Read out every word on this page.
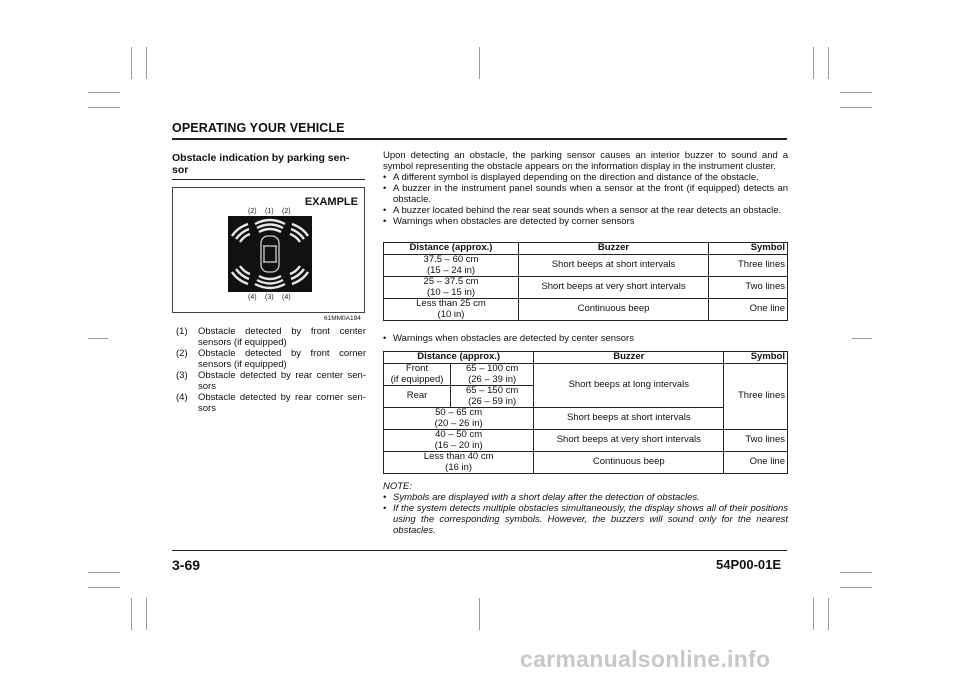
OPERATING YOUR VEHICLE
Obstacle indication by parking sen-
sor
EXAMPLE
(2) (1) (2)
(4) (3) (4)
61MM0A194
(1)	Obstacle detected by front center sensors (if equipped)
(2)	Obstacle detected by front corner sensors (if equipped)
(3)	Obstacle detected by rear center sen-sors
(4)	Obstacle detected by rear corner sen-sors

Upon detecting an obstacle, the parking sensor causes an interior buzzer to sound and a symbol representing the obstacle appears on the information display in the instrument cluster.

• A different symbol is displayed depending on the direction and distance of the obstacle.
• A buzzer in the instrument panel sounds when a sensor at the front (if equipped) detects an obstacle.
• A buzzer located behind the rear seat sounds when a sensor at the rear detects an obstacle.
• Warnings when obstacles are detected by corner sensors
Distance (approx.)	Buzzer	Symbol
37.5 – 60 cm
(15 – 24 in)	Short beeps at short intervals	Three lines
25 – 37.5 cm
(10 – 15 in)	Short beeps at very short intervals	Two lines
Less than 25 cm
(10 in)	Continuous beep	One line
• Warnings when obstacles are detected by center sensors
Distance (approx.)		Buzzer	Symbol
Front
(if equipped)	65 – 100 cm
(26 – 39 in)	Short beeps at long intervals	Three lines
Rear	65 – 150 cm
(26 – 59 in)		
50 – 65 cm
(20 – 26 in)		Short beeps at short intervals	
40 – 50 cm
(16 – 20 in)		Short beeps at very short intervals	Two lines
Less than 40 cm
(16 in)		Continuous beep	One line
NOTE:
• Symbols are displayed with a short delay after the detection of obstacles.
• If the system detects multiple obstacles simultaneously, the display shows all of their positions using the corresponding symbols. However, the buzzers will sound only for the nearest obstacles.
3-69	54P00-01E
carmanualsonline.info
